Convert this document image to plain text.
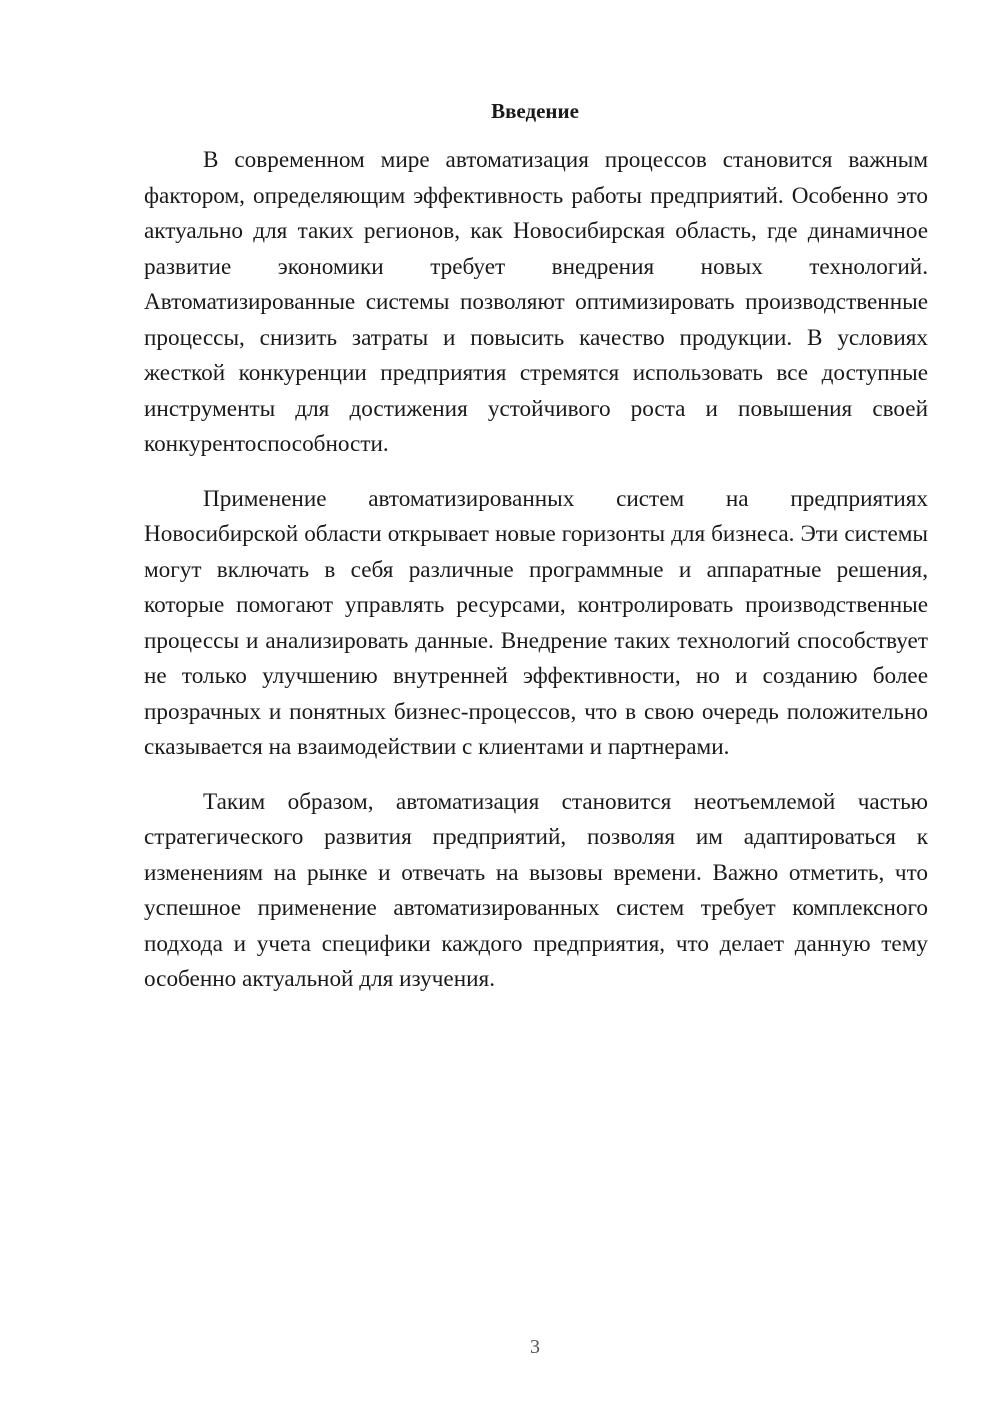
Введение

В современном мире автоматизация процессов становится важным фактором, определяющим эффективность работы предприятий. Особенно это актуально для таких регионов, как Новосибирская область, где динамичное развитие экономики требует внедрения новых технологий. Автоматизированные системы позволяют оптимизировать производственные процессы, снизить затраты и повысить качество продукции. В условиях жесткой конкуренции предприятия стремятся использовать все доступные инструменты для достижения устойчивого роста и повышения своей конкурентоспособности.

Применение автоматизированных систем на предприятиях Новосибирской области открывает новые горизонты для бизнеса. Эти системы могут включать в себя различные программные и аппаратные решения, которые помогают управлять ресурсами, контролировать производственные процессы и анализировать данные. Внедрение таких технологий способствует не только улучшению внутренней эффективности, но и созданию более прозрачных и понятных бизнес-процессов, что в свою очередь положительно сказывается на взаимодействии с клиентами и партнерами.

Таким образом, автоматизация становится неотъемлемой частью стратегического развития предприятий, позволяя им адаптироваться к изменениям на рынке и отвечать на вызовы времени. Важно отметить, что успешное применение автоматизированных систем требует комплексного подхода и учета специфики каждого предприятия, что делает данную тему особенно актуальной для изучения.

3
